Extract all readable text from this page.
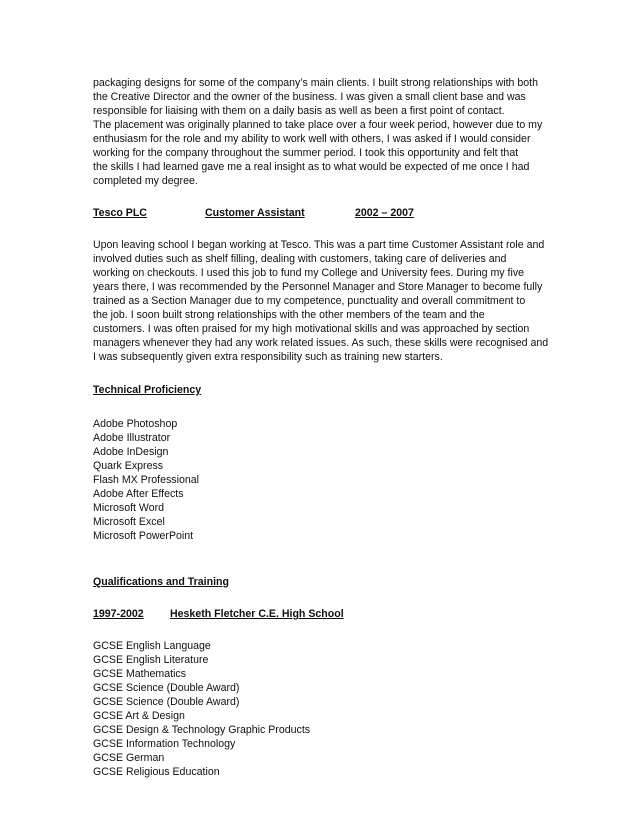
packaging designs for some of the company’s main clients. I built strong relationships with both

the Creative Director and the owner of the business. I was given a small client base and was

responsible for liaising with them on a daily basis as well as been a first point of contact.

The placement was originally planned to take place over a four week period, however due to my

enthusiasm for the role and my ability to work well with others, I was asked if I would consider

working for the company throughout the summer period. I took this opportunity and felt that

the skills I had learned gave me a real insight as to what would be expected of me once I had

completed my degree.

Tesco PLC	Customer Assistant	2002 – 2007

Upon leaving school I began working at Tesco. This was a part time Customer Assistant role and

involved duties such as shelf filling, dealing with customers, taking care of deliveries and

working on checkouts. I used this job to fund my College and University fees. During my five

years there, I was recommended by the Personnel Manager and Store Manager to become fully

trained as a Section Manager due to my competence, punctuality and overall commitment to

the job. I soon built strong relationships with the other members of the team and the

customers. I was often praised for my high motivational skills and was approached by section

managers whenever they had any work related issues. As such, these skills were recognised and

I was subsequently given extra responsibility such as training new starters.

Technical Proficiency
Adobe Photoshop
Adobe Illustrator
Adobe InDesign
Quark Express
Flash MX Professional
Adobe After Effects
Microsoft Word
Microsoft Excel
Microsoft PowerPoint
Qualifications and Training
1997-2002	Hesketh Fletcher C.E. High School
GCSE English Language
GCSE English Literature
GCSE Mathematics
GCSE Science (Double Award)
GCSE Science (Double Award)
GCSE Art & Design
GCSE Design & Technology Graphic Products
GCSE Information Technology
GCSE German
GCSE Religious Education
